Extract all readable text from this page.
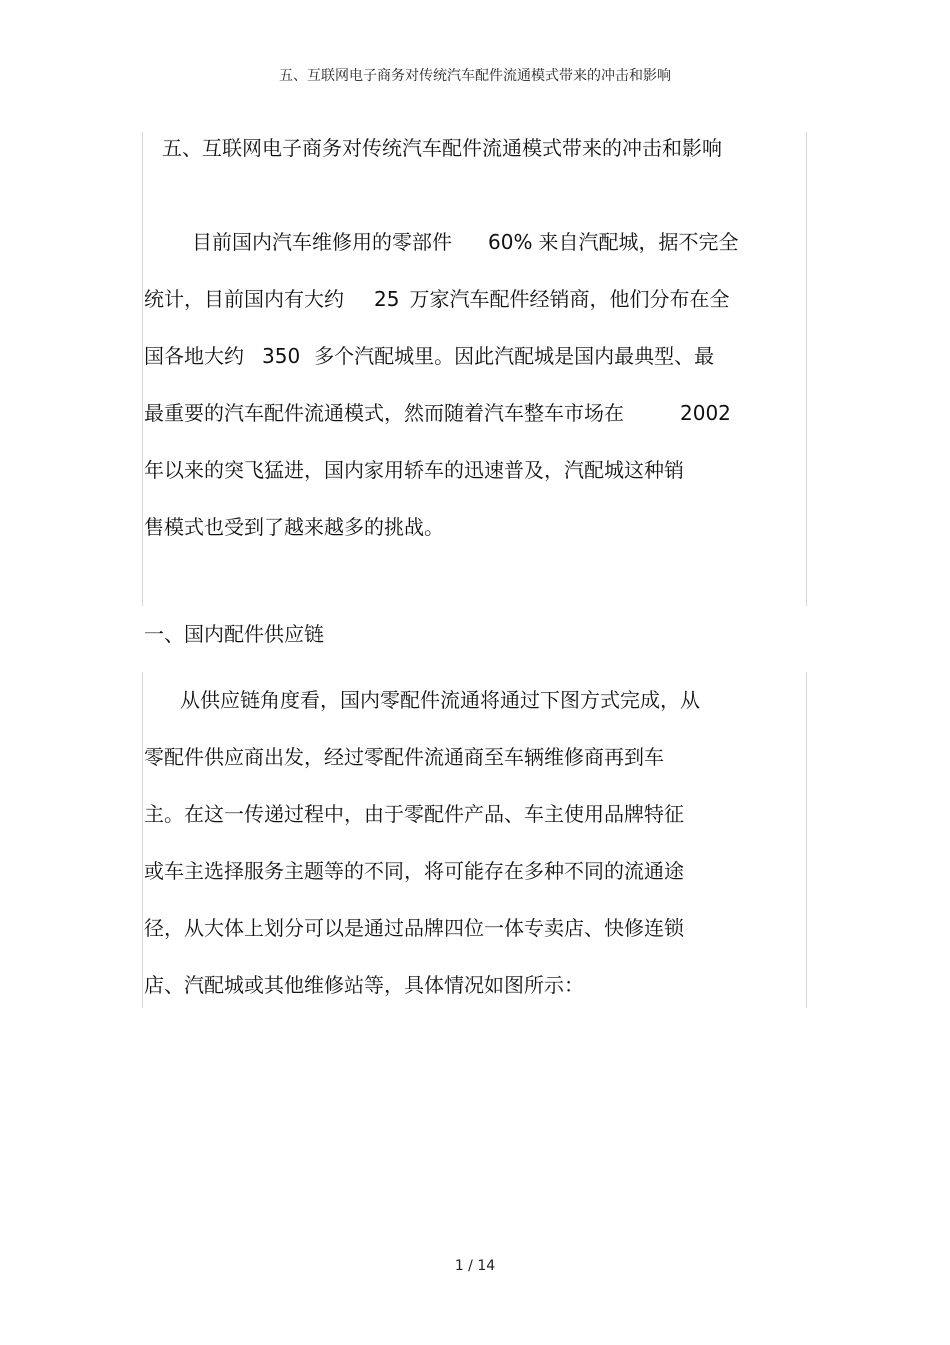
五、互联网电子商务对传统汽车配件流通模式带来的冲击和影响
五、互联网电子商务对传统汽车配件流通模式带来的冲击和影响
目前国内汽车维修用的零部件 60% 来自汽配城，据不完全
统计，目前国内有大约 25 万家汽车配件经销商，他们分布在全
国各地大约 350 多个汽配城里。因此汽配城是国内最典型、最
最重要的汽车配件流通模式，然而随着汽车整车市场在	2002
年以来的突飞猛进，国内家用轿车的迅速普及，汽配城这种销
售模式也受到了越来越多的挑战。
一、国内配件供应链
从供应链角度看，国内零配件流通将通过下图方式完成，从
零配件供应商出发，经过零配件流通商至车辆维修商再到车
主。在这一传递过程中，由于零配件产品、车主使用品牌特征
或车主选择服务主题等的不同，将可能存在多种不同的流通途
径，从大体上划分可以是通过品牌四位一体专卖店、快修连锁
店、汽配城或其他维修站等，具体情况如图所示：
1 / 14
